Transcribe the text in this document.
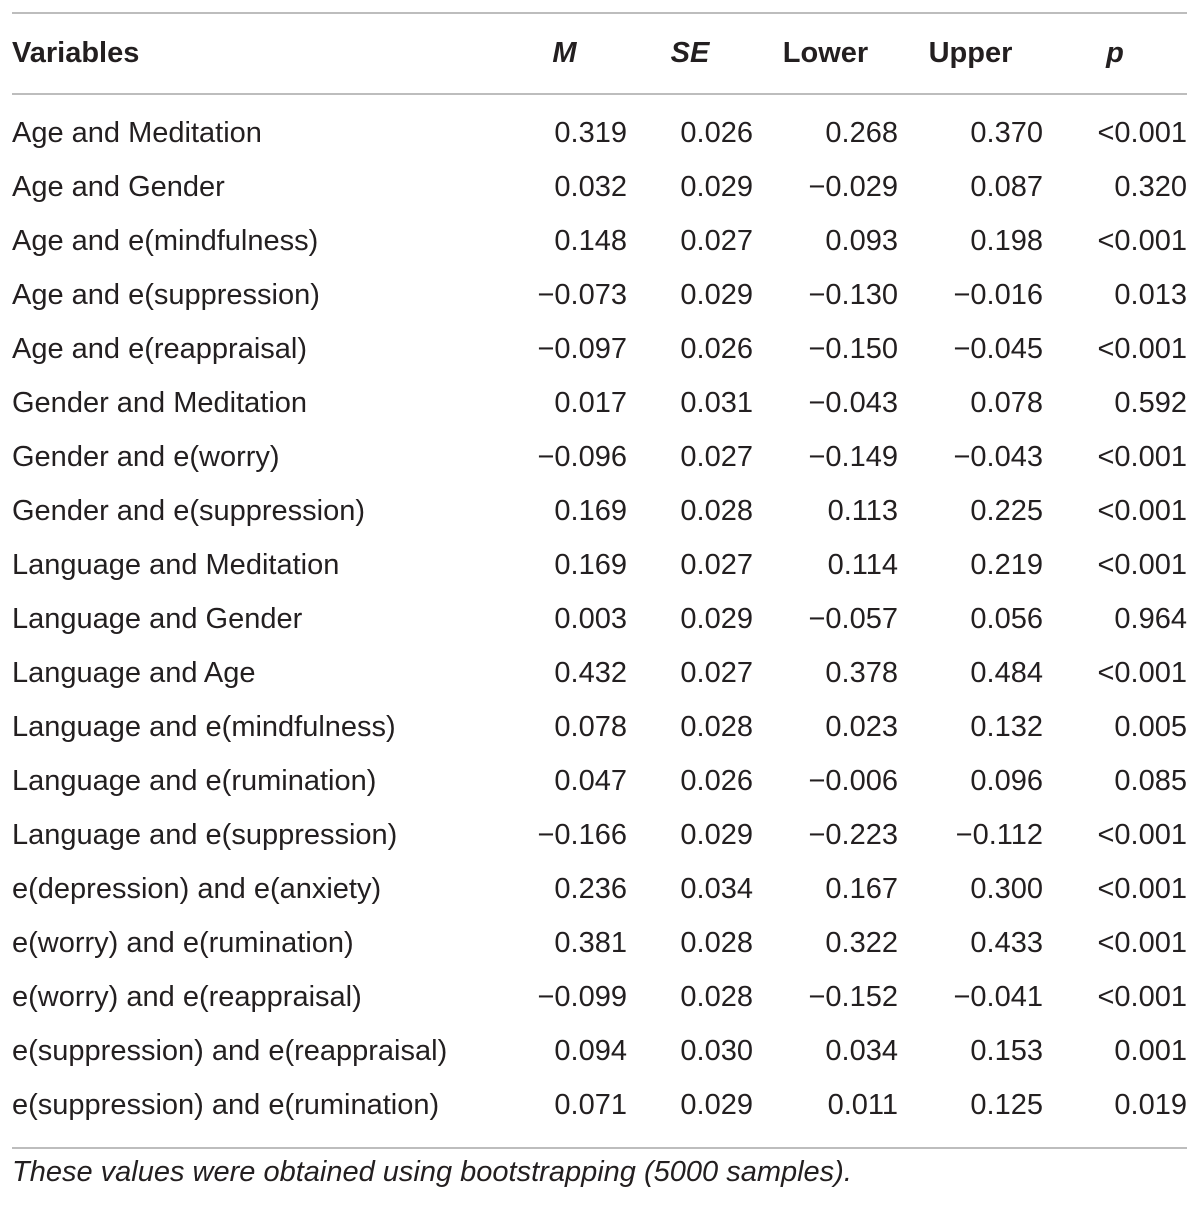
Variables	M	SE	Lower	Upper	p

Age and Meditation	0.319	0.026	0.268	0.370	<0.001
Age and Gender	0.032	0.029	−0.029	0.087	0.320
Age and e(mindfulness)	0.148	0.027	0.093	0.198	<0.001
Age and e(suppression)	−0.073	0.029	−0.130	−0.016	0.013
Age and e(reappraisal)	−0.097	0.026	−0.150	−0.045	<0.001
Gender and Meditation	0.017	0.031	−0.043	0.078	0.592
Gender and e(worry)	−0.096	0.027	−0.149	−0.043	<0.001
Gender and e(suppression)	0.169	0.028	0.113	0.225	<0.001
Language and Meditation	0.169	0.027	0.114	0.219	<0.001
Language and Gender	0.003	0.029	−0.057	0.056	0.964
Language and Age	0.432	0.027	0.378	0.484	<0.001
Language and e(mindfulness)	0.078	0.028	0.023	0.132	0.005
Language and e(rumination)	0.047	0.026	−0.006	0.096	0.085
Language and e(suppression)	−0.166	0.029	−0.223	−0.112	<0.001
e(depression) and e(anxiety)	0.236	0.034	0.167	0.300	<0.001
e(worry) and e(rumination)	0.381	0.028	0.322	0.433	<0.001
e(worry) and e(reappraisal)	−0.099	0.028	−0.152	−0.041	<0.001
e(suppression) and e(reappraisal)	0.094	0.030	0.034	0.153	0.001
e(suppression) and e(rumination)	0.071	0.029	0.011	0.125	0.019
These values were obtained using bootstrapping (5000 samples).
